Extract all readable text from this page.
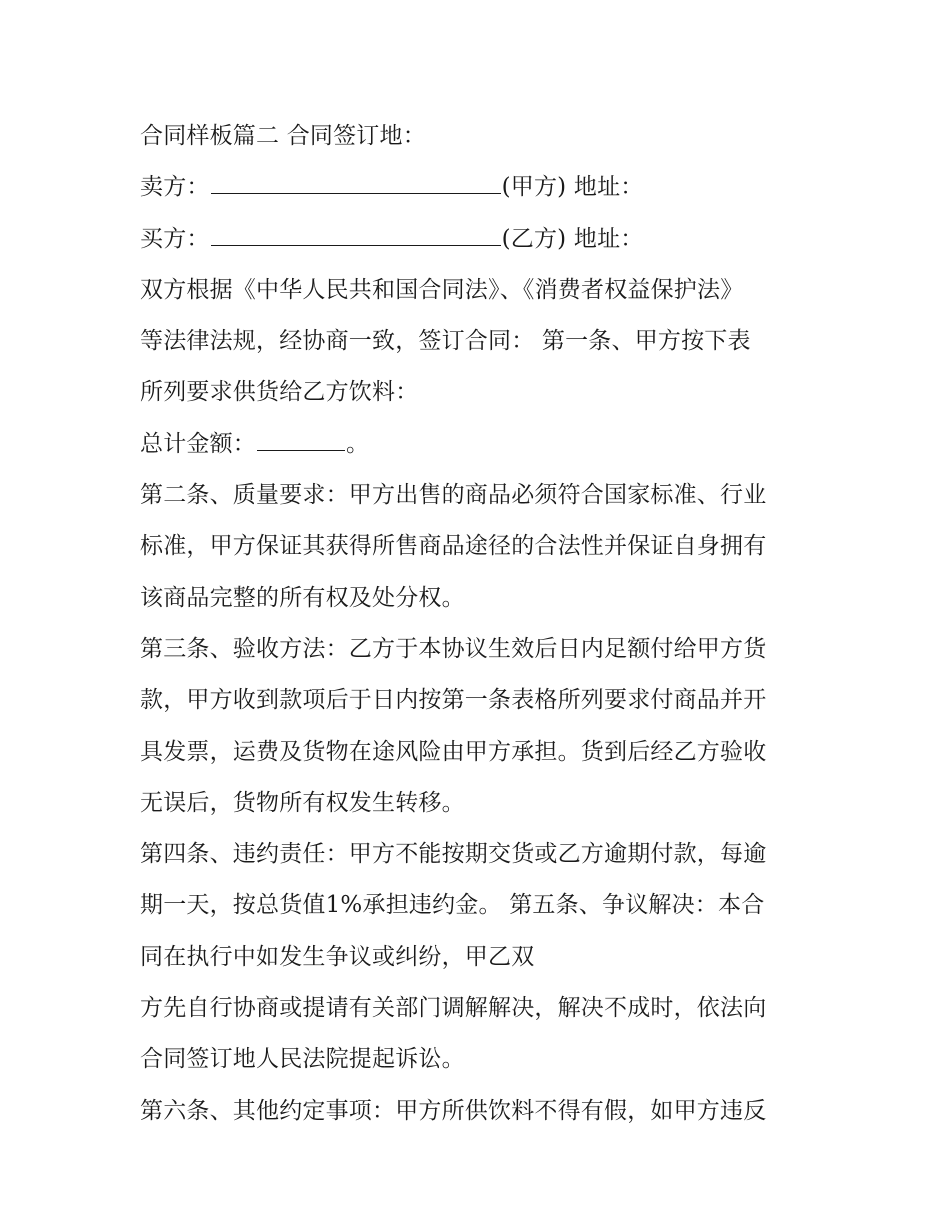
合同样板篇二 合同签订地：
卖方：	(甲方) 地址：
买方：	(乙方) 地址：
双方根据《中华人民共和国合同法》、《消费者权益保护法》
等法律法规，经协商一致，签订合同： 第一条、甲方按下表
所列要求供货给乙方饮料：
总计金额：	。
第二条、质量要求：甲方出售的商品必须符合国家标准、行业
标准，甲方保证其获得所售商品途径的合法性并保证自身拥有
该商品完整的所有权及处分权。
第三条、验收方法：乙方于本协议生效后日内足额付给甲方货
款，甲方收到款项后于日内按第一条表格所列要求付商品并开
具发票，运费及货物在途风险由甲方承担。货到后经乙方验收
无误后，货物所有权发生转移。
第四条、违约责任：甲方不能按期交货或乙方逾期付款，每逾
期一天，按总货值1%承担违约金。 第五条、争议解决：本合
同在执行中如发生争议或纠纷，甲乙双
方先自行协商或提请有关部门调解解决，解决不成时，依法向
合同签订地人民法院提起诉讼。
第六条、其他约定事项：甲方所供饮料不得有假，如甲方违反
